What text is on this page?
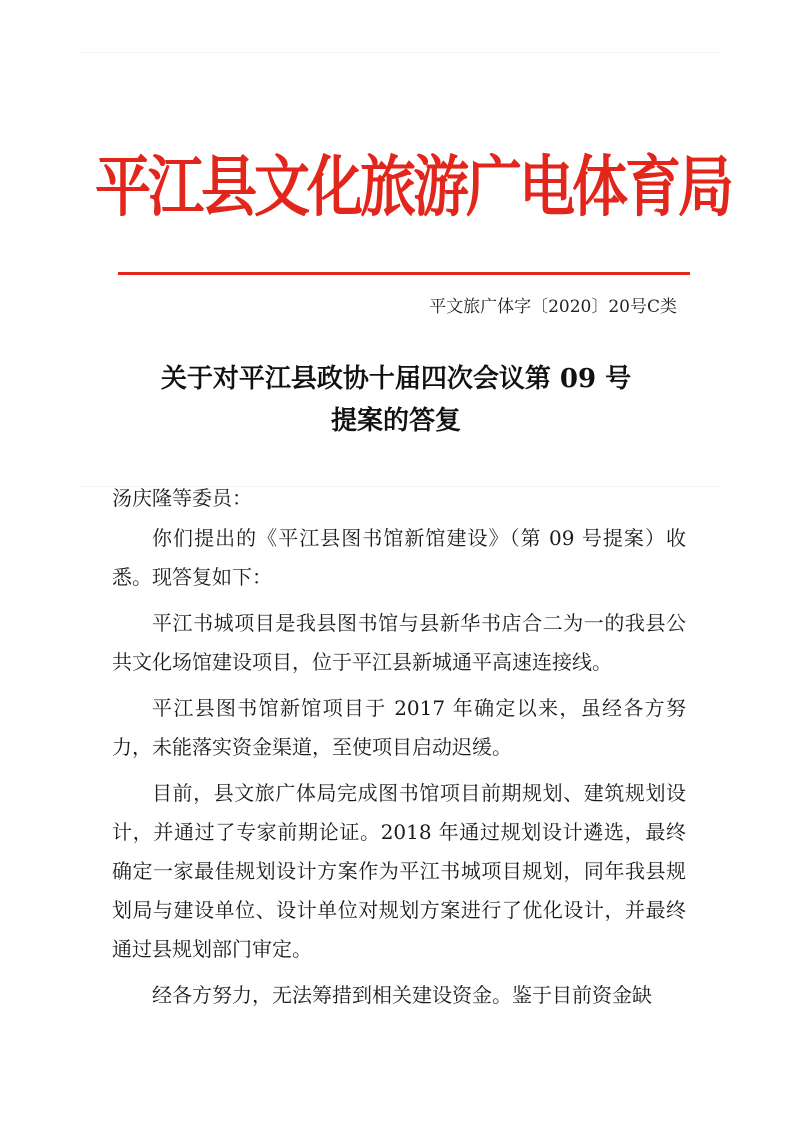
平江县文化旅游广电体育局
平文旅广体字〔2020〕20号C类
关于对平江县政协十届四次会议第 09 号
提案的答复
汤庆隆等委员：

你们提出的《平江县图书馆新馆建设》（第 09 号提案）收悉。现答复如下：

平江书城项目是我县图书馆与县新华书店合二为一的我县公共文化场馆建设项目，位于平江县新城通平高速连接线。

平江县图书馆新馆项目于 2017 年确定以来，虽经各方努力，未能落实资金渠道，至使项目启动迟缓。

目前，县文旅广体局完成图书馆项目前期规划、建筑规划设计，并通过了专家前期论证。2018 年通过规划设计遴选，最终确定一家最佳规划设计方案作为平江书城项目规划，同年我县规划局与建设单位、设计单位对规划方案进行了优化设计，并最终通过县规划部门审定。

经各方努力，无法筹措到相关建设资金。鉴于目前资金缺
